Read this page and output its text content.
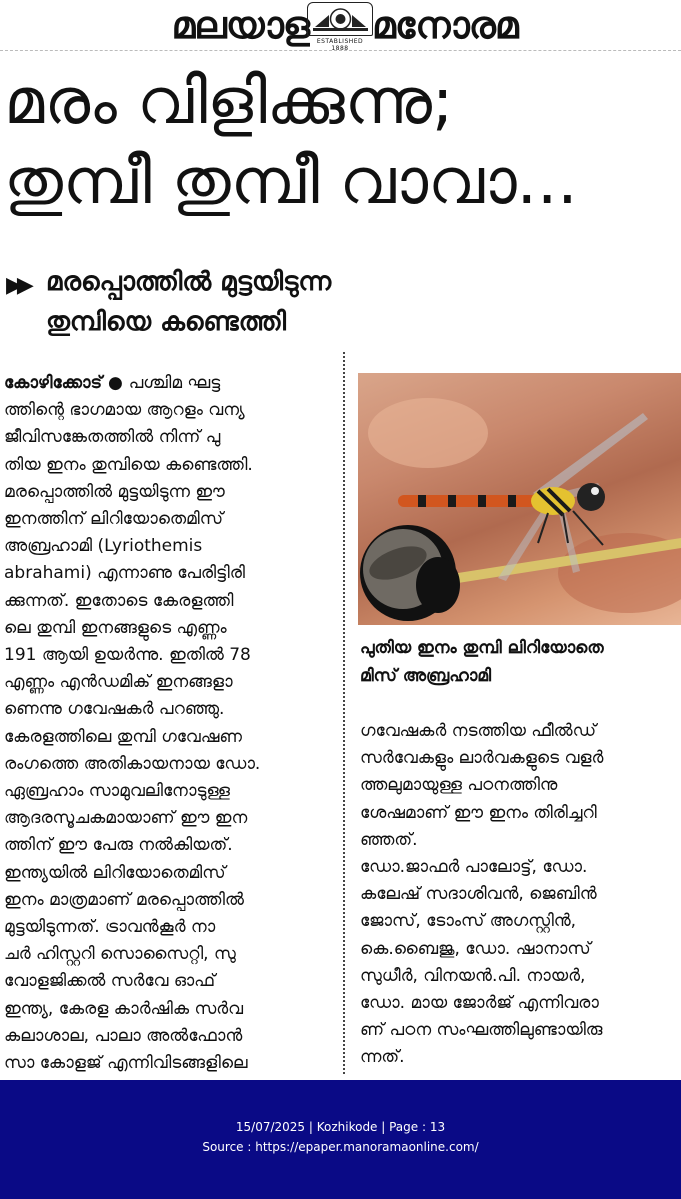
മലയാള	ESTABLISHED 1888
മനോരമ
മരം വിളിക്കുന്നു;
തുമ്പീ തുമ്പീ വാവാ...
▶▶ മരപ്പൊത്തിൽ മുട്ടയിടുന്ന
തുമ്പിയെ കണ്ടെത്തി
കോഴിക്കോട് ● പശ്ചിമ ഘട്ട
ത്തിന്റെ ഭാഗമായ ആറളം വന്യ
ജീവിസങ്കേതത്തിൽ നിന്ന് പു
തിയ ഇനം തുമ്പിയെ കണ്ടെത്തി.
മരപ്പൊത്തിൽ മുട്ടയിടുന്ന ഈ
ഇനത്തിന് ലിറിയോതെമിസ്
അബ്രഹാമി (Lyriothemis
abrahami) എന്നാണു പേരിട്ടിരി
ക്കുന്നത്. ഇതോടെ കേരളത്തി
ലെ തുമ്പി ഇനങ്ങളുടെ എണ്ണം
191 ആയി ഉയർന്നു. ഇതിൽ 78
എണ്ണം എൻഡമിക് ഇനങ്ങളാ
ണെന്നു ഗവേഷകർ പറഞ്ഞു.
കേരളത്തിലെ തുമ്പി ഗവേഷണ
രംഗത്തെ അതികായനായ ഡോ.
ഏബ്രഹാം സാമുവലിനോടുള്ള
ആദരസൂചകമായാണ് ഈ ഇന
ത്തിന് ഈ പേരു നൽകിയത്.
ഇന്ത്യയിൽ ലിറിയോതെമിസ്
ഇനം മാത്രമാണ് മരപ്പൊത്തിൽ
മുട്ടയിടുന്നത്. ട്രാവൻകൂർ നാ
ചർ ഹിസ്റ്ററി സൊസൈറ്റി, സു
വോളജിക്കൽ സർവേ ഓഫ്
ഇന്ത്യ, കേരള കാർഷിക സർവ
കലാശാല, പാലാ അൽഫോൻ
സാ കോളജ് എന്നിവിടങ്ങളിലെ
പുതിയ ഇനം തുമ്പി ലിറിയോതെ
മിസ് അബ്രഹാമി
ഗവേഷകർ നടത്തിയ ഫീൽഡ്
സർവേകളും ലാർവകളുടെ വളർ
ത്തലുമായുള്ള പഠനത്തിനു
ശേഷമാണ് ഈ ഇനം തിരിച്ചറി
ഞ്ഞത്.
ഡോ.ജാഫർ പാലോട്ട്, ഡോ.
കലേഷ് സദാശിവൻ, ജെബിൻ
ജോസ്, ടോംസ് അഗസ്റ്റിൻ,
കെ.ബൈജു, ഡോ. ഷാനാസ്
സുധീർ, വിനയൻ.പി. നായർ,
ഡോ. മായ ജോർജ് എന്നിവരാ
ണ് പഠന സംഘത്തിലുണ്ടായിരു
ന്നത്.
15/07/2025 | Kozhikode | Page : 13
Source : https://epaper.manoramaonline.com/
